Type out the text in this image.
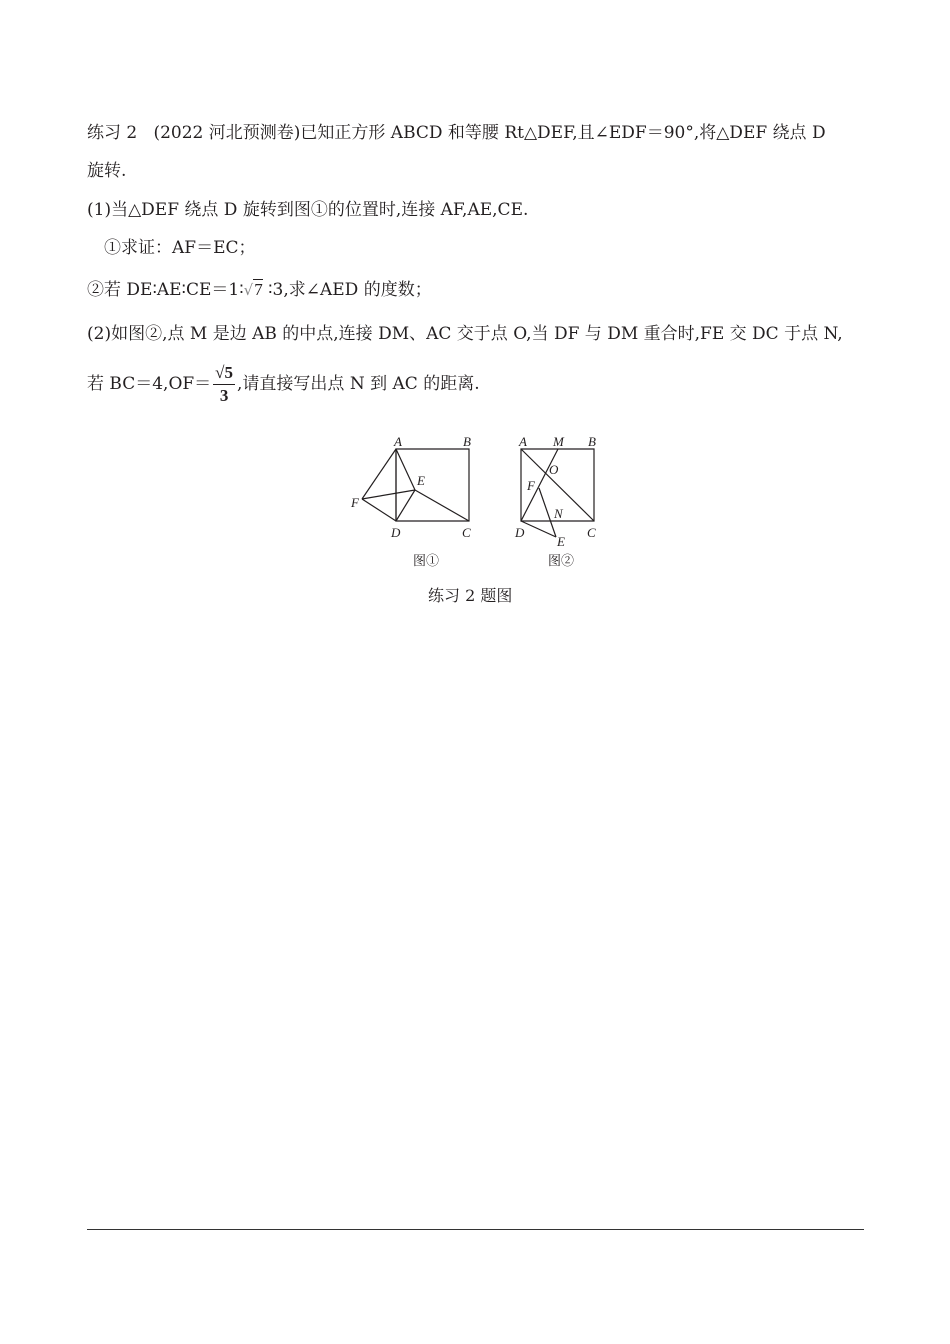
练习 2 (2022 河北预测卷)已知正方形 ABCD 和等腰 Rt△DEF,且∠EDF＝90°,将△DEF 绕点 D
旋转.
(1)当△DEF 绕点 D 旋转到图①的位置时,连接 AF,AE,CE.
①求证：AF＝EC；
②若 DE∶AE∶CE＝1∶√7 ∶3,求∠AED 的度数；
(2)如图②,点 M 是边 AB 的中点,连接 DM、AC 交于点 O,当 DF 与 DM 重合时,FE 交 DC 于点 N,
若 $BC=4,OF= \frac{√5}{3}$ ,请直接写出点 N 到 AC 的距离.
A	B
C
D
E
F
图①
A M B
O
F
N
D	C
E
图②
练习 2 题图
